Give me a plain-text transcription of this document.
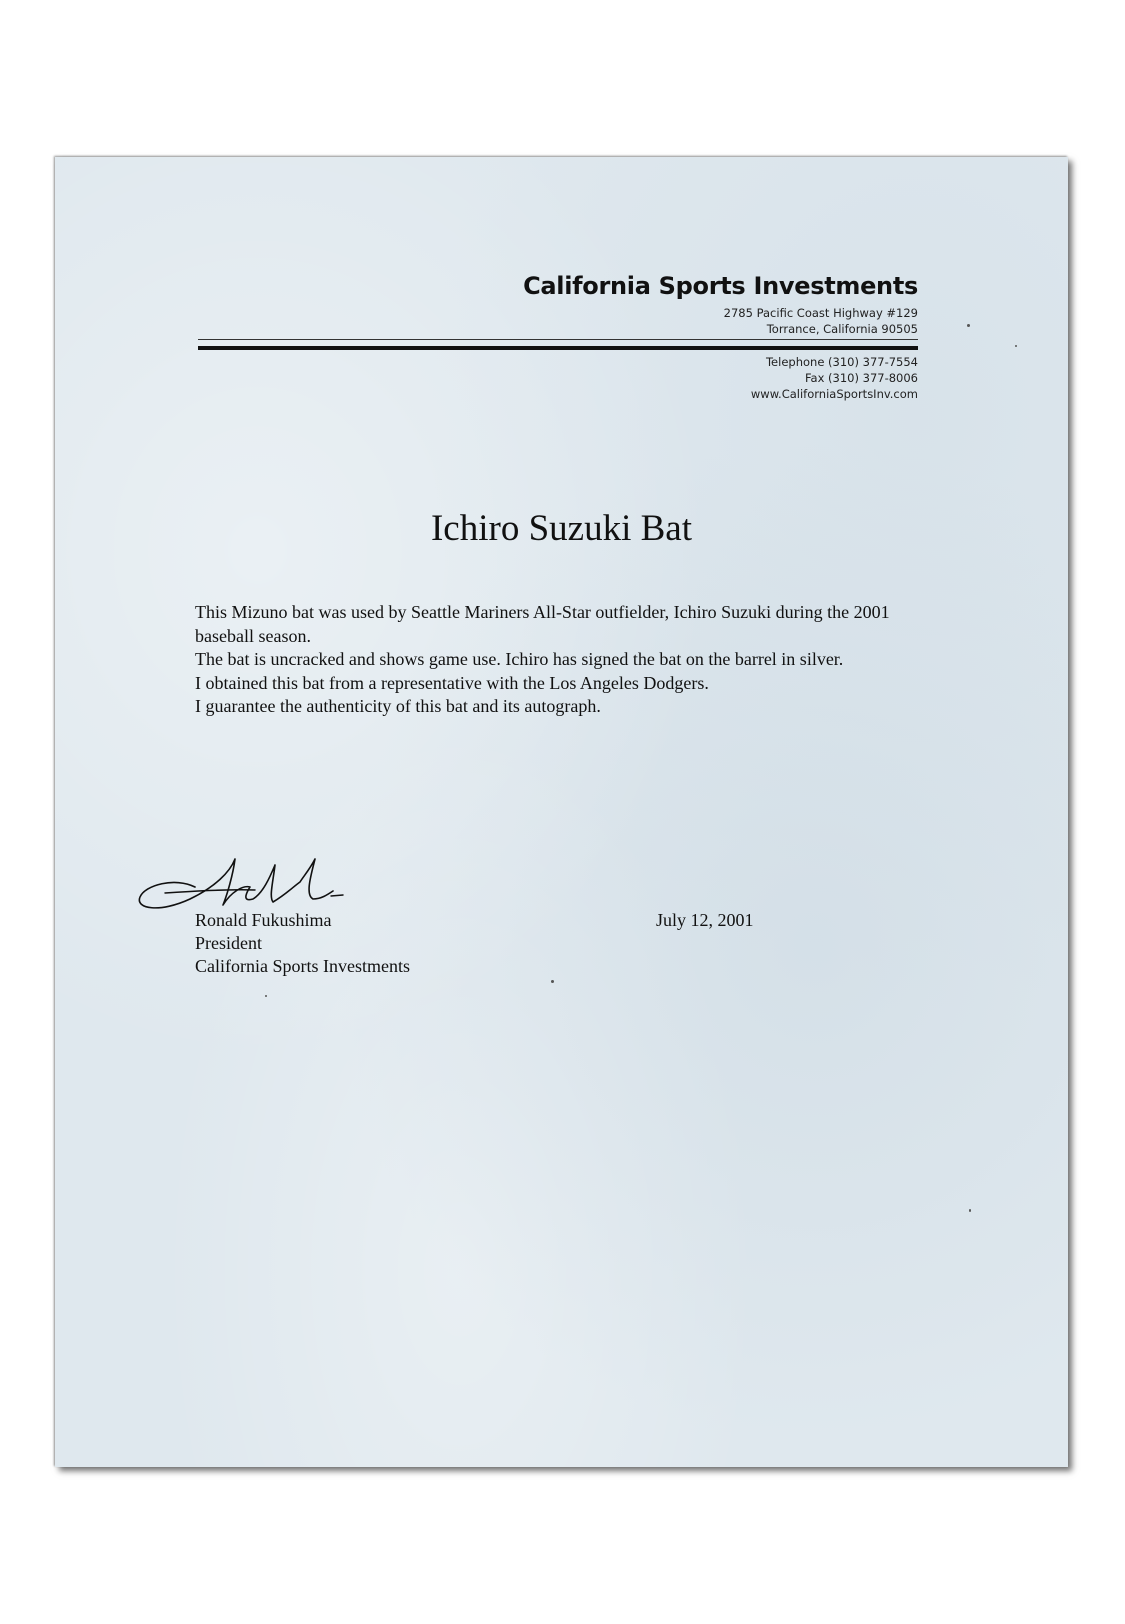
California Sports Investments
2785 Pacific Coast Highway #129
Torrance, California 90505
Telephone (310) 377-7554
Fax (310) 377-8006
www.CaliforniaSportsInv.com
Ichiro Suzuki Bat

This Mizuno bat was used by Seattle Mariners All-Star outfielder, Ichiro Suzuki during the 2001 baseball season.

The bat is uncracked and shows game use. Ichiro has signed the bat on the barrel in silver.

I obtained this bat from a representative with the Los Angeles Dodgers.

I guarantee the authenticity of this bat and its autograph.

Ronald Fukushima
President
California Sports Investments
July 12, 2001
